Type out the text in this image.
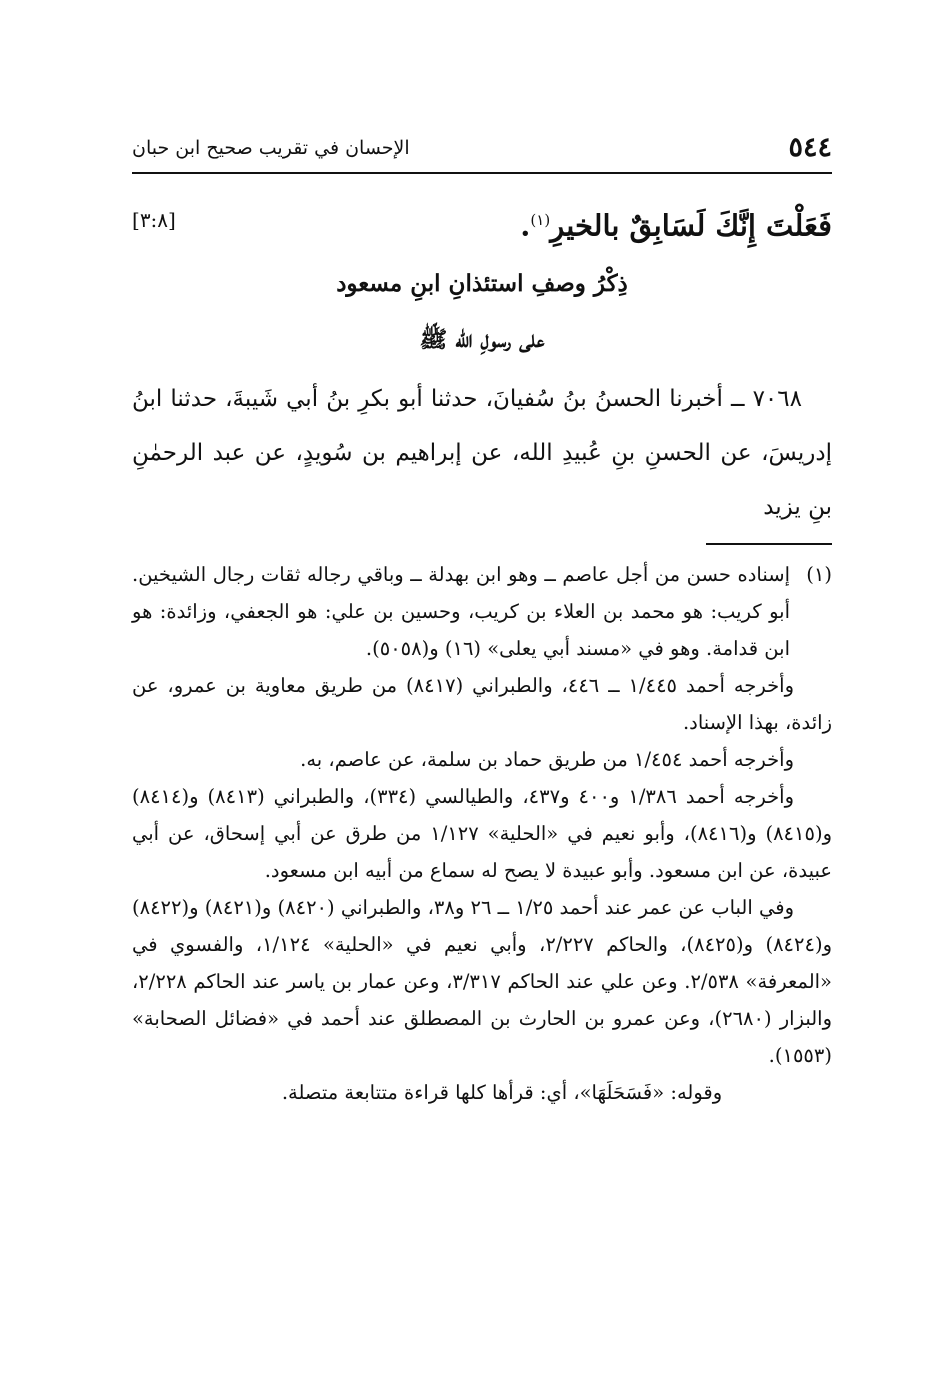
٥٤٤
الإحسان في تقريب صحيح ابن حبان
فَعَلْتَ إِنَّكَ لَسَابِقٌ بالخيرِ$^{(١)}$.
[٣:٨]
ذِكْرُ وصفِ استئذانِ ابنِ مسعود
على رسولِ الله ﷺ
٧٠٦٨ ــ أخبرنا الحسنُ بنُ سُفيانَ، حدثنا أبو بكرِ بنُ أبي شَيبةَ، حدثنا ابنُ إدريسَ، عن الحسنِ بنِ عُبيدِ الله، عن إبراهيم بن سُويدٍ، عن عبد الرحمٰنِ بنِ يزيد

(١)
إسناده حسن من أجل عاصم ــ وهو ابن بهدلة ــ وباقي رجاله ثقات رجال الشيخين. أبو كريب: هو محمد بن العلاء بن كريب، وحسين بن علي: هو الجعفي، وزائدة: هو ابن قدامة. وهو في «مسند أبي يعلى» (١٦) و(٥٠٥٨).

وأخرجه أحمد ١/٤٤٥ ــ ٤٤٦، والطبراني (٨٤١٧) من طريق معاوية بن عمرو، عن زائدة، بهذا الإسناد.

وأخرجه أحمد ١/٤٥٤ من طريق حماد بن سلمة، عن عاصم، به.

وأخرجه أحمد ١/٣٨٦ و٤٠٠ و٤٣٧، والطيالسي (٣٣٤)، والطبراني (٨٤١٣) و(٨٤١٤) و(٨٤١٥) و(٨٤١٦)، وأبو نعيم في «الحلية» ١/١٢٧ من طرق عن أبي إسحاق، عن أبي عبيدة، عن ابن مسعود. وأبو عبيدة لا يصح له سماع من أبيه ابن مسعود.

وفي الباب عن عمر عند أحمد ١/٢٥ ــ ٢٦ و٣٨، والطبراني (٨٤٢٠) و(٨٤٢١) و(٨٤٢٢) و(٨٤٢٤) و(٨٤٢٥)، والحاكم ٢/٢٢٧، وأبي نعيم في «الحلية» ١/١٢٤، والفسوي في «المعرفة» ٢/٥٣٨. وعن علي عند الحاكم ٣/٣١٧، وعن عمار بن ياسر عند الحاكم ٢/٢٢٨، والبزار (٢٦٨٠)، وعن عمرو بن الحارث بن المصطلق عند أحمد في «فضائل الصحابة» (١٥٥٣).

وقوله: «فَسَحَلَهَا»، أي: قرأها كلها قراءة متتابعة متصلة.
